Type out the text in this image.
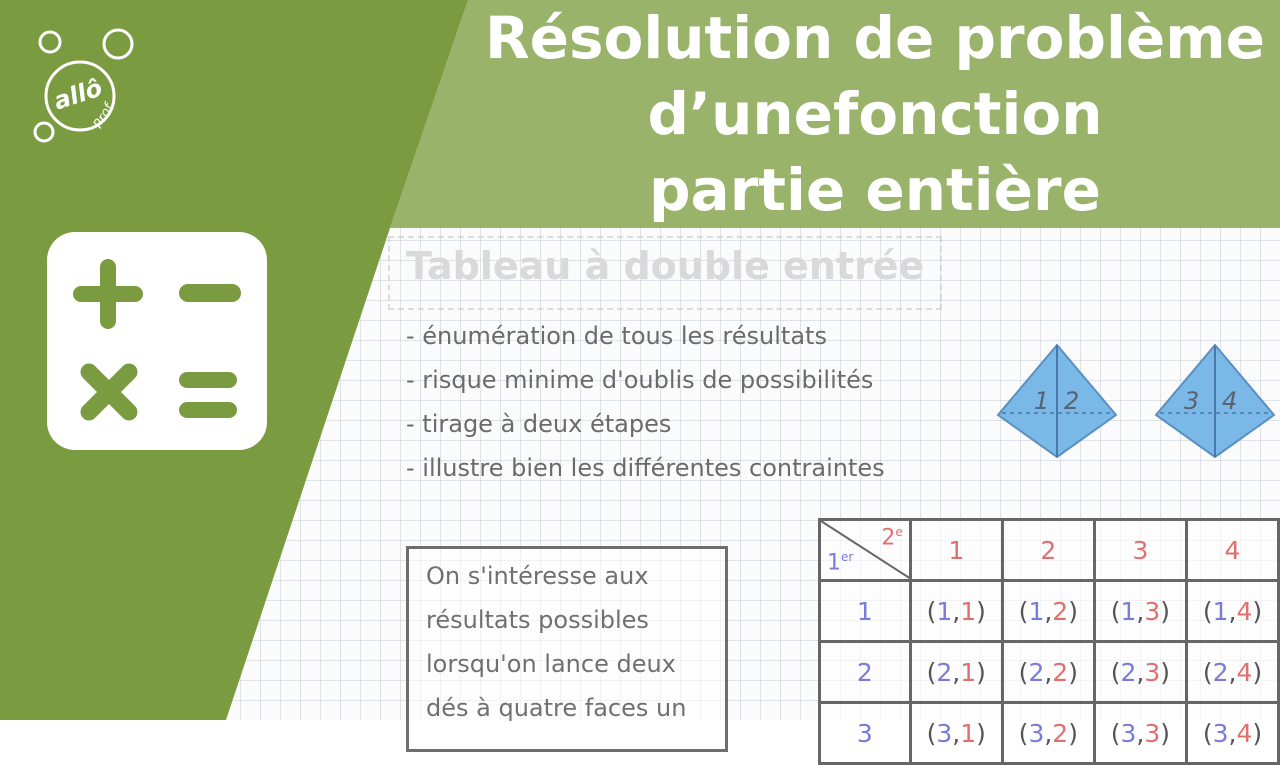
Tableau à double entrée
- énumération de tous les résultats
- risque minime d'oublis de possibilités
- tirage à deux étapes
- illustre bien les différentes contraintes
On s'intéresse aux
résultats possibles
lorsqu'on lance deux
dés à quatre faces un
1 2	3 4
2e
1er	1	2	3	4
1	(1,1)	(1,2)	(1,3)	(1,4)
2	(2,1)	(2,2)	(2,3)	(2,4)
3	(3,1)	(3,2)	(3,3)	(3,4)
Résolution de problème
d’unefonction
partie entière
allô
Prof
